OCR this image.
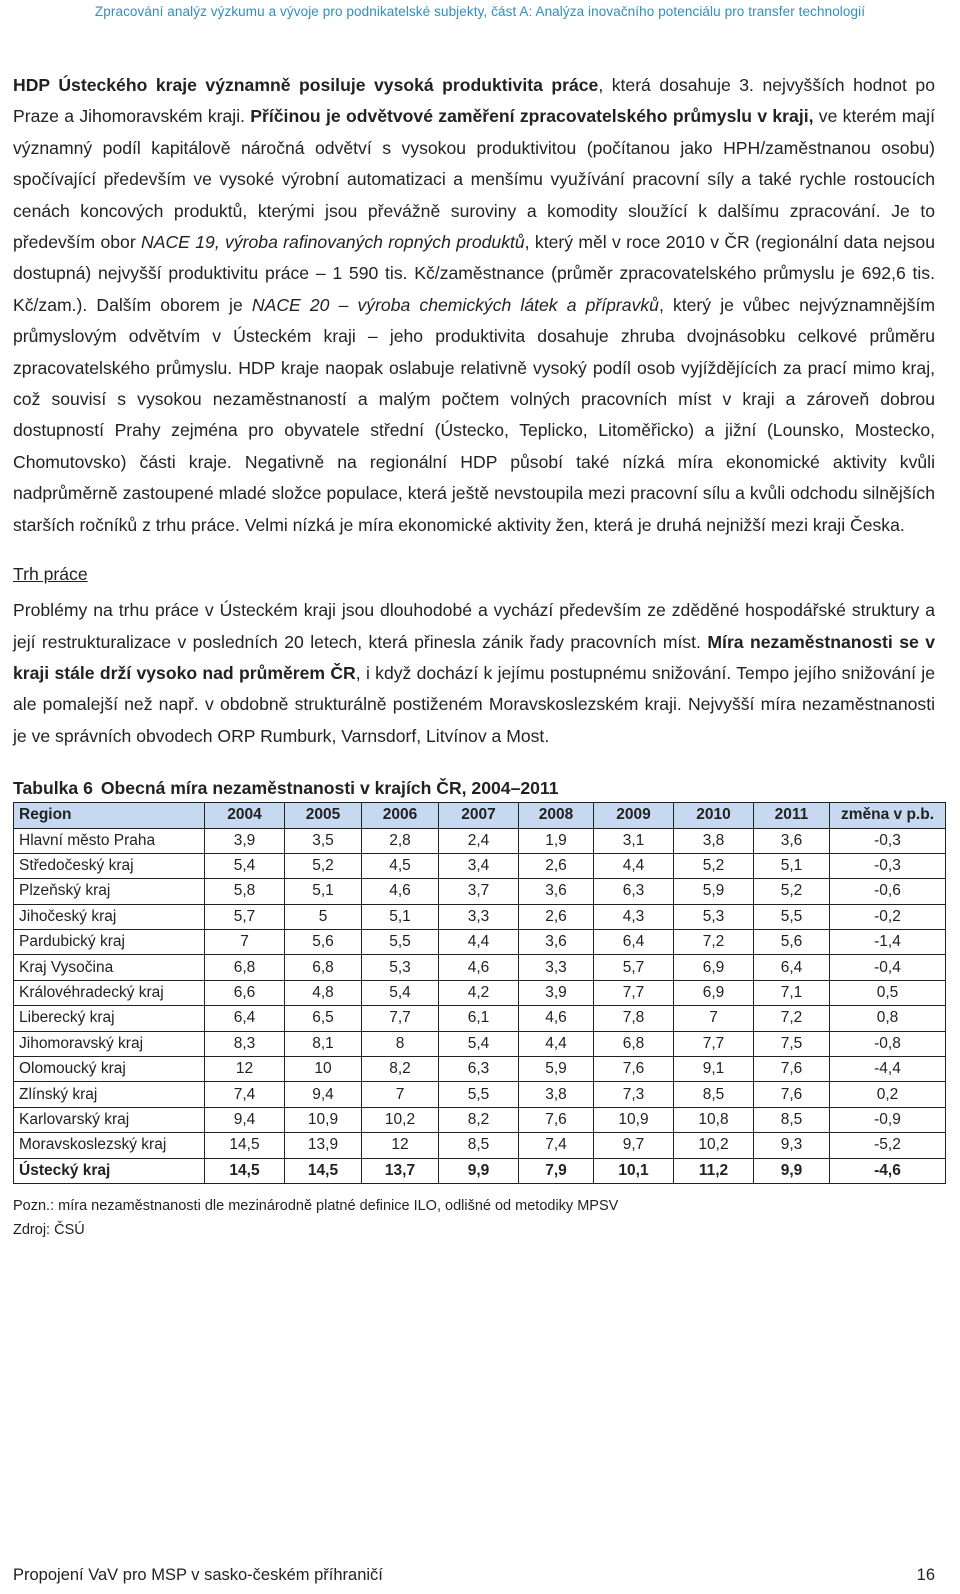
Zpracování analýz výzkumu a vývoje pro podnikatelské subjekty, část A: Analýza inovačního potenciálu pro transfer technologií

HDP Ústeckého kraje významně posiluje vysoká produktivita práce, která dosahuje 3. nejvyšších hodnot po Praze a Jihomoravském kraji. Příčinou je odvětvové zaměření zpracovatelského průmyslu v kraji, ve kterém mají významný podíl kapitálově náročná odvětví s vysokou produktivitou (počítanou jako HPH/zaměstnanou osobu) spočívající především ve vysoké výrobní automatizaci a menšímu využívání pracovní síly a také rychle rostoucích cenách koncových produktů, kterými jsou převážně suroviny a komodity sloužící k dalšímu zpracování. Je to především obor NACE 19, výroba rafinovaných ropných produktů, který měl v roce 2010 v ČR (regionální data nejsou dostupná) nejvyšší produktivitu práce – 1 590 tis. Kč/zaměstnance (průměr zpracovatelského průmyslu je 692,6 tis. Kč/zam.). Dalším oborem je NACE 20 – výroba chemických látek a přípravků, který je vůbec nejvýznamnějším průmyslovým odvětvím v Ústeckém kraji – jeho produktivita dosahuje zhruba dvojnásobku celkové průměru zpracovatelského průmyslu. HDP kraje naopak oslabuje relativně vysoký podíl osob vyjíždějících za prací mimo kraj, což souvisí s vysokou nezaměstnaností a malým počtem volných pracovních míst v kraji a zároveň dobrou dostupností Prahy zejména pro obyvatele střední (Ústecko, Teplicko, Litoměřicko) a jižní (Lounsko, Mostecko, Chomutovsko) části kraje. Negativně na regionální HDP působí také nízká míra ekonomické aktivity kvůli nadprůměrně zastoupené mladé složce populace, která ještě nevstoupila mezi pracovní sílu a kvůli odchodu silnějších starších ročníků z trhu práce. Velmi nízká je míra ekonomické aktivity žen, která je druhá nejnižší mezi kraji Česka.

Trh práce

Problémy na trhu práce v Ústeckém kraji jsou dlouhodobé a vychází především ze zděděné hospodářské struktury a její restrukturalizace v posledních 20 letech, která přinesla zánik řady pracovních míst. Míra nezaměstnanosti se v kraji stále drží vysoko nad průměrem ČR, i když dochází k jejímu postupnému snižování. Tempo jejího snižování je ale pomalejší než např. v obdobně strukturálně postiženém Moravskoslezském kraji. Nejvyšší míra nezaměstnanosti je ve správních obvodech ORP Rumburk, Varnsdorf, Litvínov a Most.

Tabulka 6 Obecná míra nezaměstnanosti v krajích ČR, 2004–2011
Region	2004	2005	2006	2007	2008	2009	2010	2011	změna v p.b.
Hlavní město Praha	3,9	3,5	2,8	2,4	1,9	3,1	3,8	3,6	-0,3
Středočeský kraj	5,4	5,2	4,5	3,4	2,6	4,4	5,2	5,1	-0,3
Plzeňský kraj	5,8	5,1	4,6	3,7	3,6	6,3	5,9	5,2	-0,6
Jihočeský kraj	5,7	5	5,1	3,3	2,6	4,3	5,3	5,5	-0,2
Pardubický kraj	7	5,6	5,5	4,4	3,6	6,4	7,2	5,6	-1,4
Kraj Vysočina	6,8	6,8	5,3	4,6	3,3	5,7	6,9	6,4	-0,4
Královéhradecký kraj	6,6	4,8	5,4	4,2	3,9	7,7	6,9	7,1	0,5
Liberecký kraj	6,4	6,5	7,7	6,1	4,6	7,8	7	7,2	0,8
Jihomoravský kraj	8,3	8,1	8	5,4	4,4	6,8	7,7	7,5	-0,8
Olomoucký kraj	12	10	8,2	6,3	5,9	7,6	9,1	7,6	-4,4
Zlínský kraj	7,4	9,4	7	5,5	3,8	7,3	8,5	7,6	0,2
Karlovarský kraj	9,4	10,9	10,2	8,2	7,6	10,9	10,8	8,5	-0,9
Moravskoslezský kraj	14,5	13,9	12	8,5	7,4	9,7	10,2	9,3	-5,2
Ústecký kraj	14,5	14,5	13,7	9,9	7,9	10,1	11,2	9,9	-4,6
Pozn.: míra nezaměstnanosti dle mezinárodně platné definice ILO, odlišné od metodiky MPSV
Zdroj: ČSÚ
Propojení VaV pro MSP v sasko-českém příhraničí	16
